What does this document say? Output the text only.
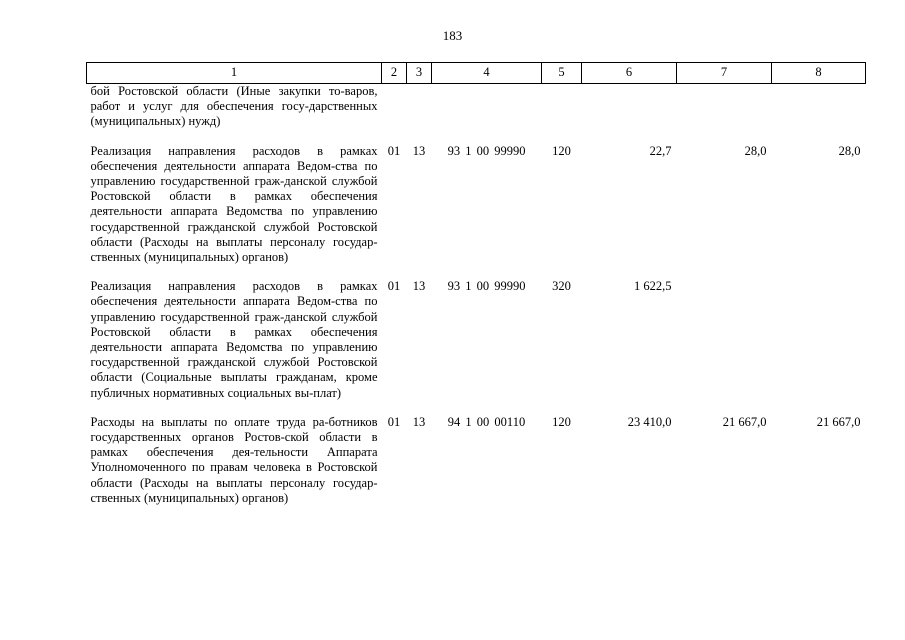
183
1	2	3	4	5	6	7	8
бой Ростовской области (Иные закупки то-варов, работ и услуг для обеспечения госу-дарственных (муниципальных) нужд)							
Реализация направления расходов в рамках обеспечения деятельности аппарата Ведом-ства по управлению государственной граж-данской службой Ростовской области в рамках обеспечения деятельности аппарата Ведомства по управлению государственной гражданской службой Ростовской области (Расходы на выплаты персоналу государ-ственных (муниципальных) органов)	01	13	93 1 00 99990	120	22,7	28,0	28,0
Реализация направления расходов в рамках обеспечения деятельности аппарата Ведом-ства по управлению государственной граж-данской службой Ростовской области в рамках обеспечения деятельности аппарата Ведомства по управлению государственной гражданской службой Ростовской области (Социальные выплаты гражданам, кроме публичных нормативных социальных вы-плат)	01	13	93 1 00 99990	320	1 622,5		
Расходы на выплаты по оплате труда ра-ботников государственных органов Ростов-ской области в рамках обеспечения дея-тельности Аппарата Уполномоченного по правам человека в Ростовской области (Расходы на выплаты персоналу государ-ственных (муниципальных) органов)	01	13	94 1 00 00110	120	23 410,0	21 667,0	21 667,0
